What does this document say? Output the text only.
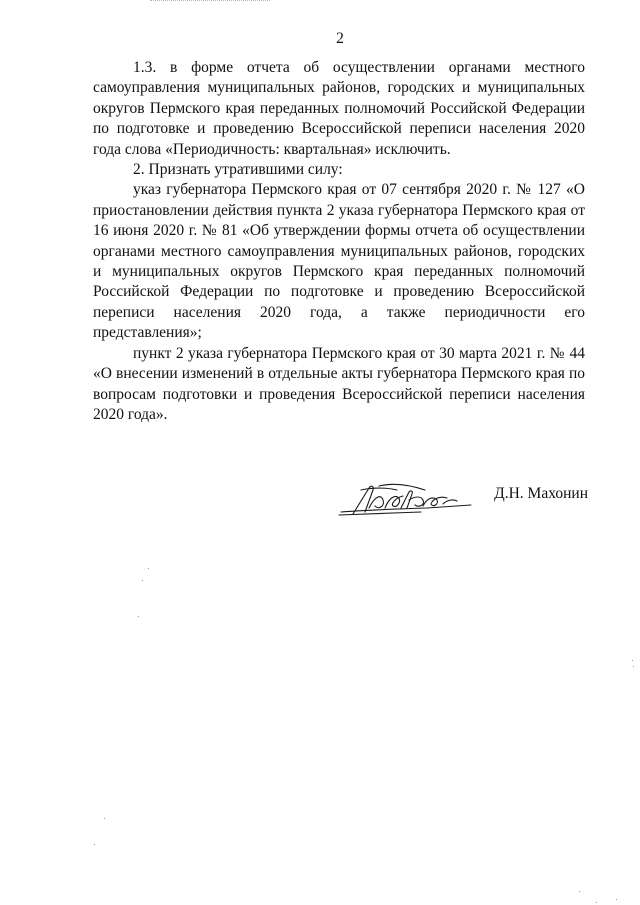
2

1.3. в форме отчета об осуществлении органами местного самоуправления муниципальных районов, городских и муниципальных округов Пермского края переданных полномочий Российской Федерации по подготовке и проведению Всероссийской переписи населения 2020 года слова «Периодичность: квартальная» исключить.

2. Признать утратившими силу:

указ губернатора Пермского края от 07 сентября 2020 г. № 127 «О приостановлении действия пункта 2 указа губернатора Пермского края от 16 июня 2020 г. № 81 «Об утверждении формы отчета об осуществлении органами местного самоуправления муниципальных районов, городских и муниципальных округов Пермского края переданных полномочий Российской Федерации по подготовке и проведению Всероссийской переписи населения 2020 года, а также периодичности его представления»;

пункт 2 указа губернатора Пермского края от 30 марта 2021 г. № 44 «О внесении изменений в отдельные акты губернатора Пермского края по вопросам подготовки и проведения Всероссийской переписи населения 2020 года».

Д.Н. Махонин
